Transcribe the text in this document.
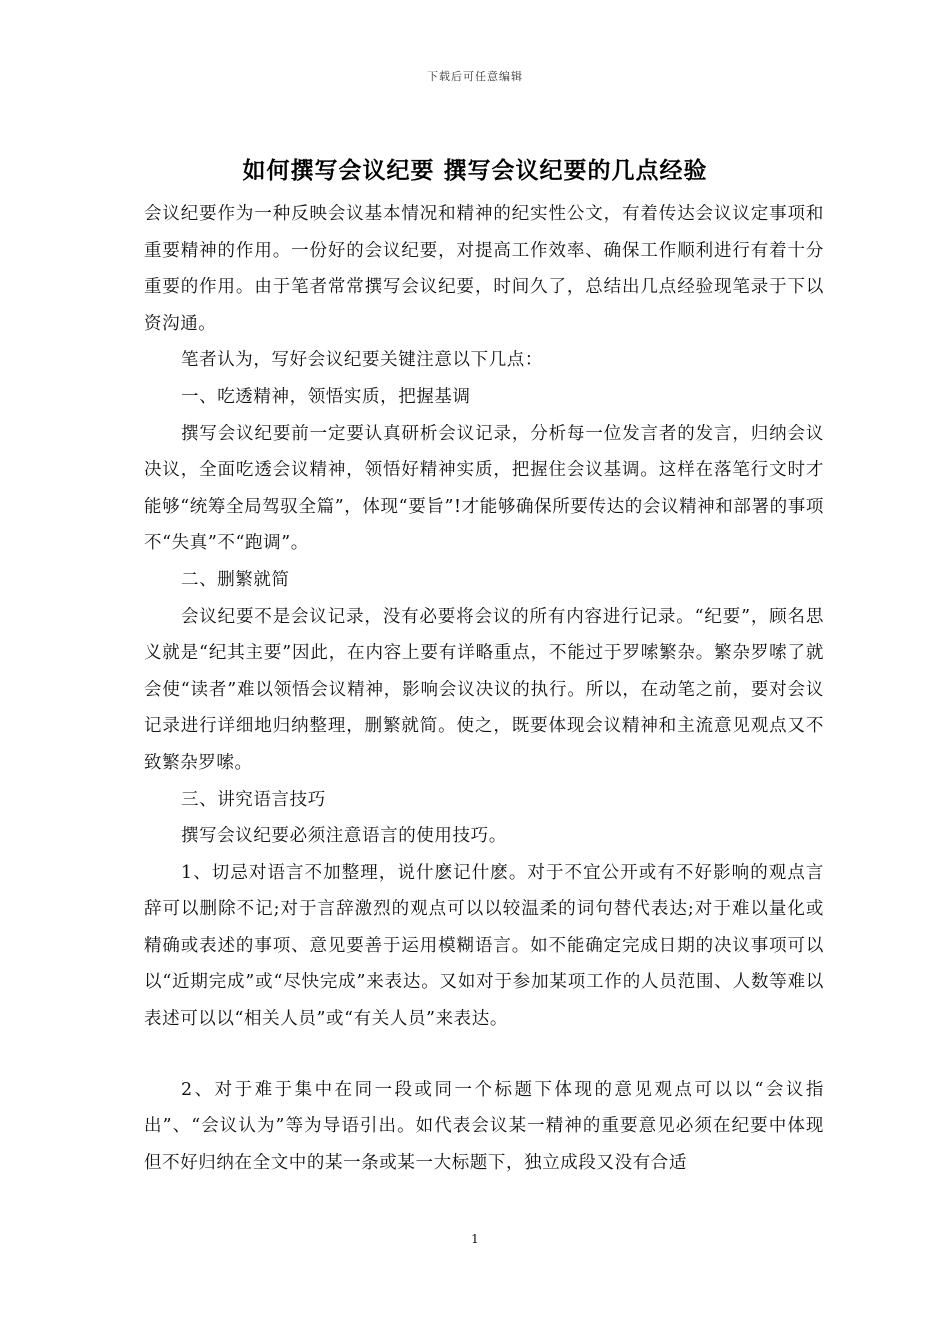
下载后可任意编辑
如何撰写会议纪要 撰写会议纪要的几点经验

会议纪要作为一种反映会议基本情况和精神的纪实性公文，有着传达会议议定事项和重要精神的作用。一份好的会议纪要，对提高工作效率、确保工作顺利进行有着十分重要的作用。由于笔者常常撰写会议纪要，时间久了，总结出几点经验现笔录于下以资沟通。

笔者认为，写好会议纪要关键注意以下几点：

一、吃透精神，领悟实质，把握基调

撰写会议纪要前一定要认真研析会议记录，分析每一位发言者的发言，归纳会议决议，全面吃透会议精神，领悟好精神实质，把握住会议基调。这样在落笔行文时才能够“统筹全局驾驭全篇”，体现“要旨”!才能够确保所要传达的会议精神和部署的事项不“失真”不“跑调”。

二、删繁就简

会议纪要不是会议记录，没有必要将会议的所有内容进行记录。“纪要”，顾名思义就是“纪其主要”因此，在内容上要有详略重点，不能过于罗嗦繁杂。繁杂罗嗦了就会使“读者”难以领悟会议精神，影响会议决议的执行。所以，在动笔之前，要对会议记录进行详细地归纳整理，删繁就简。使之，既要体现会议精神和主流意见观点又不致繁杂罗嗦。

三、讲究语言技巧

撰写会议纪要必须注意语言的使用技巧。

1、切忌对语言不加整理，说什麽记什麽。对于不宜公开或有不好影响的观点言辞可以删除不记;对于言辞激烈的观点可以以较温柔的词句替代表达;对于难以量化或精确或表述的事项、意见要善于运用模糊语言。如不能确定完成日期的决议事项可以以“近期完成”或“尽快完成”来表达。又如对于参加某项工作的人员范围、人数等难以表述可以以“相关人员”或“有关人员”来表达。

2、对于难于集中在同一段或同一个标题下体现的意见观点可以以“会议指出”、“会议认为”等为导语引出。如代表会议某一精神的重要意见必须在纪要中体现但不好归纳在全文中的某一条或某一大标题下，独立成段又没有合适

1
